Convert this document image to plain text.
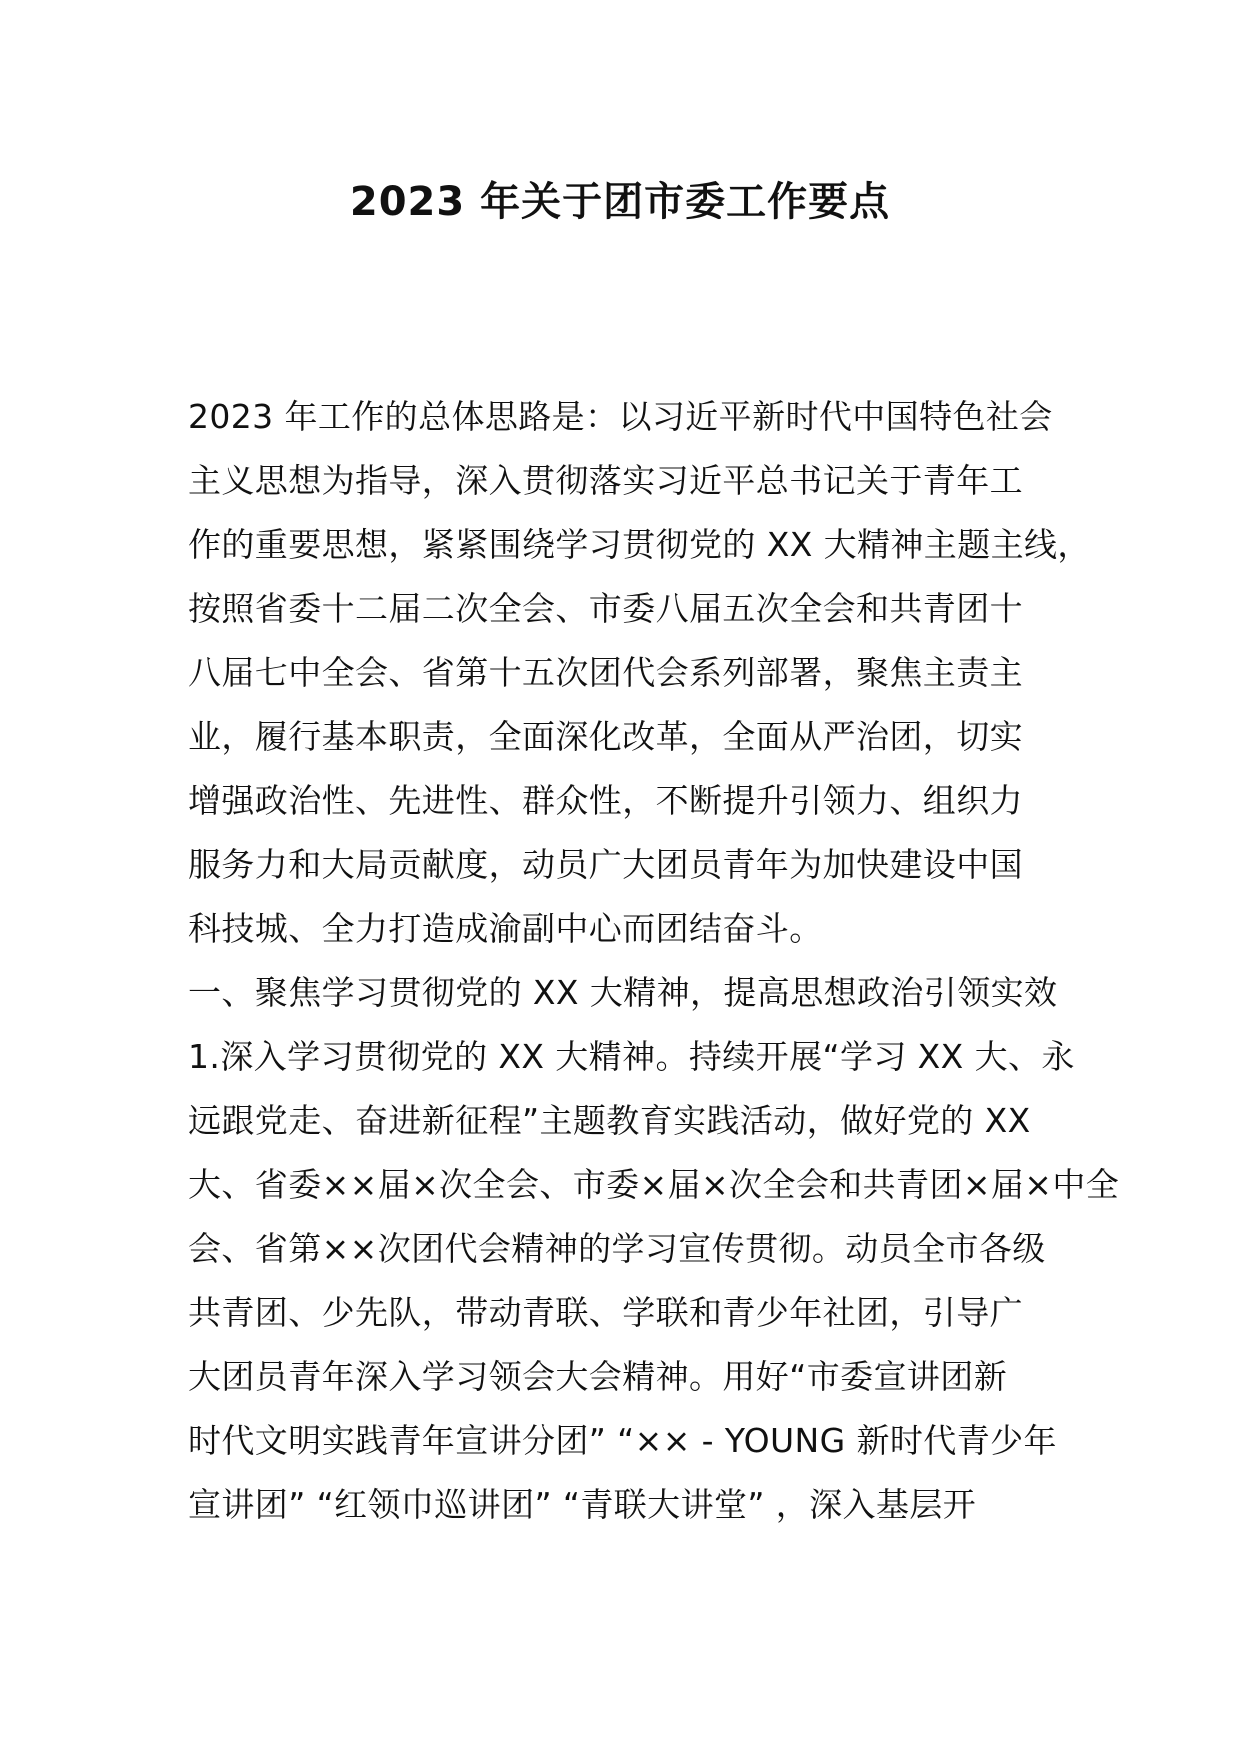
2023 年关于团市委工作要点
2023 年工作的总体思路是：以习近平新时代中国特色社会
主义思想为指导，深入贯彻落实习近平总书记关于青年工
作的重要思想，紧紧围绕学习贯彻党的 XX 大精神主题主线，
按照省委十二届二次全会、市委八届五次全会和共青团十
八届七中全会、省第十五次团代会系列部署，聚焦主责主
业，履行基本职责，全面深化改革，全面从严治团，切实
增强政治性、先进性、群众性，不断提升引领力、组织力
服务力和大局贡献度，动员广大团员青年为加快建设中国
科技城、全力打造成渝副中心而团结奋斗。
一、聚焦学习贯彻党的 XX 大精神，提高思想政治引领实效
1.深入学习贯彻党的 XX 大精神。持续开展“学习 XX 大、永
远跟党走、奋进新征程”主题教育实践活动，做好党的 XX
大、省委××届×次全会、市委×届×次全会和共青团×届×中全
会、省第××次团代会精神的学习宣传贯彻。动员全市各级
共青团、少先队，带动青联、学联和青少年社团，引导广
大团员青年深入学习领会大会精神。用好“市委宣讲团新
时代文明实践青年宣讲分团” “×× - YOUNG 新时代青少年
宣讲团” “红领巾巡讲团” “青联大讲堂” ，深入基层开
